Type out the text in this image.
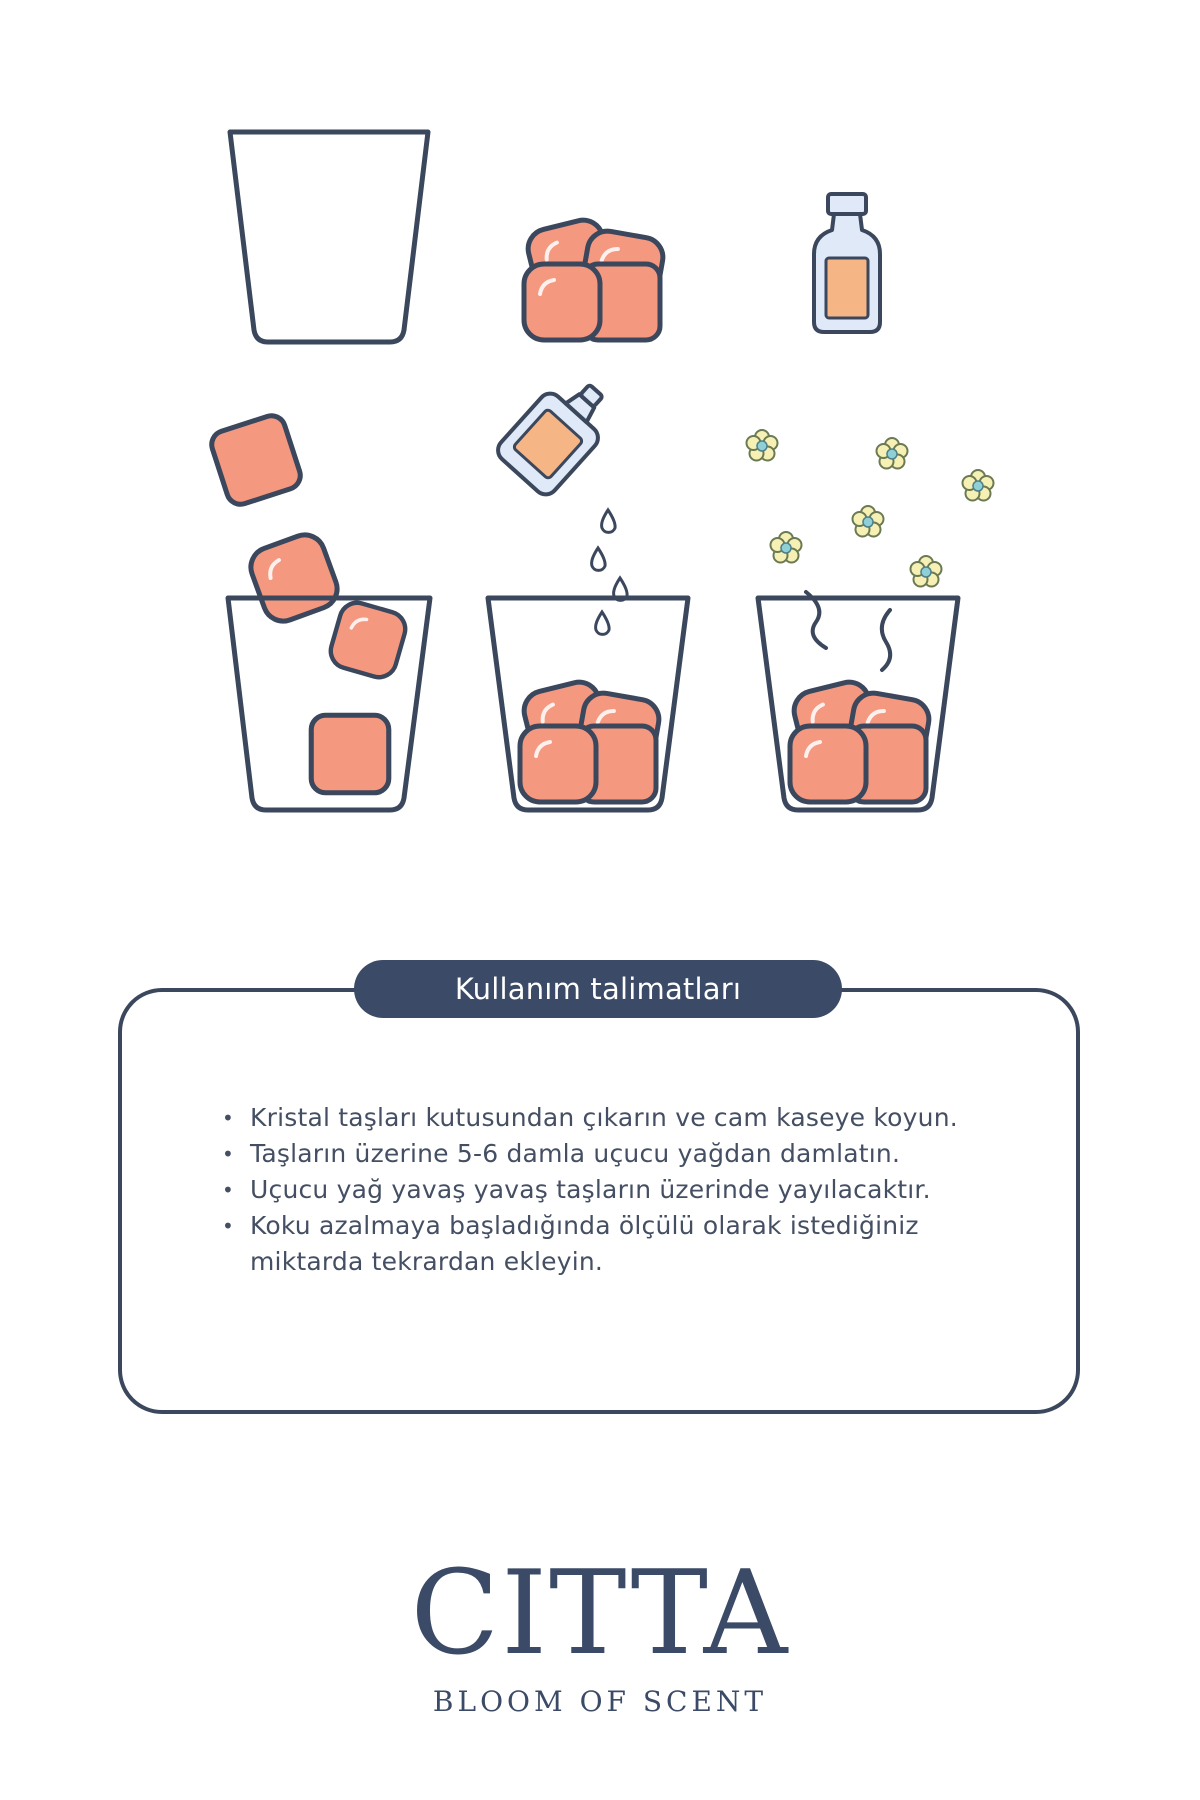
Kullanım talimatları
• Kristal taşları kutusundan çıkarın ve cam kaseye koyun.
• Taşların üzerine 5-6 damla uçucu yağdan damlatın.
• Uçucu yağ yavaş yavaş taşların üzerinde yayılacaktır.
• Koku azalmaya başladığında ölçülü olarak istediğiniz miktarda tekrardan ekleyin.
CITTA
BLOOM OF SCENT
